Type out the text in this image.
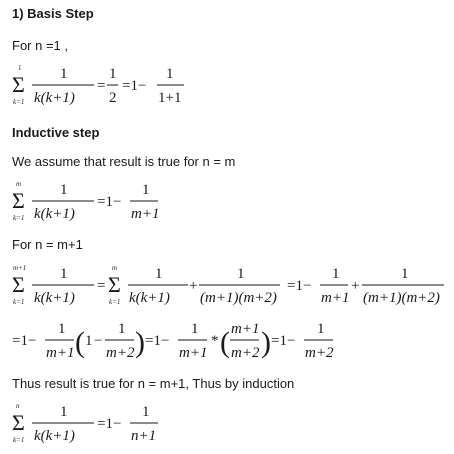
1) Basis Step
For n =1 ,
Inductive step
We assume that result is true for n = m
For n = m+1
Thus result is true for n = m+1, Thus by induction
1
Σ
k=1
1
k(k+1)
=
1
2
=1−
1
1+1
m
Σ
k=1
1
k(k+1)
=1−
1
m+1
m+1
Σ
k=1
1
k(k+1)
=
m
Σ
k=1
1
k(k+1)
+
1
(m+1)(m+2)
=1−
1
m+1
+
1
(m+1)(m+2)
=1−
1
m+1 ( 1 −
1
m+2 ) =1−
1
m+1
* ( m+1
m+2 ) =1−
1
m+2
n
Σ
k=1
1
k(k+1)
=1−
1
n+1
